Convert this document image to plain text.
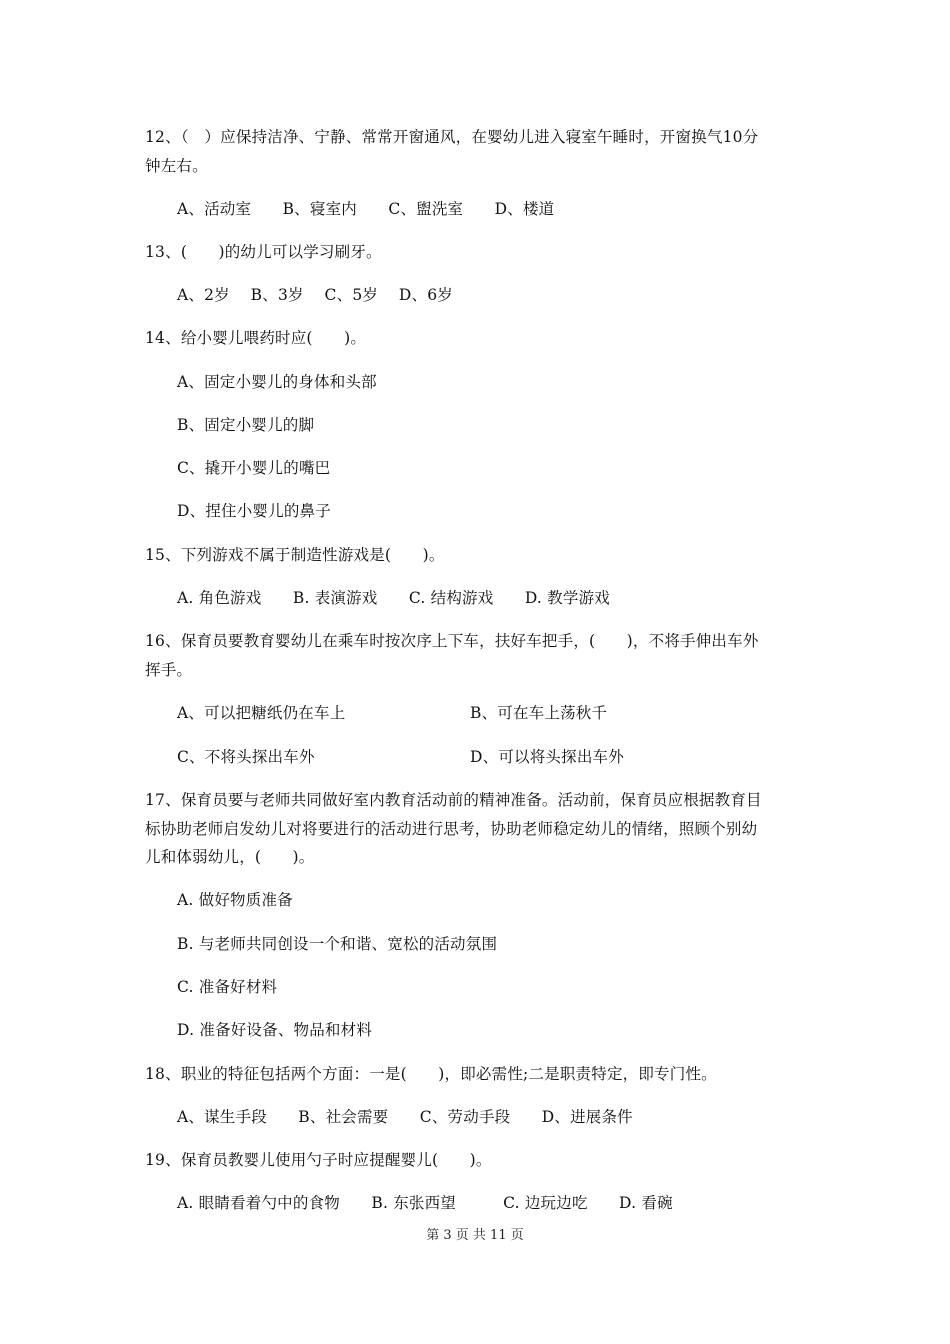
12、（　）应保持洁净、宁静、常常开窗通风，在婴幼儿进入寝室午睡时，开窗换气10分
钟左右。
A、活动室　　B、寝室内　　C、盥洗室　　D、楼道
13、(　　)的幼儿可以学习刷牙。
A、2岁　 B、3岁　 C、5岁　 D、6岁
14、给小婴儿喂药时应(　　)。
A、固定小婴儿的身体和头部
B、固定小婴儿的脚
C、撬开小婴儿的嘴巴
D、捏住小婴儿的鼻子
15、下列游戏不属于制造性游戏是(　　)。
A. 角色游戏　　B. 表演游戏　　C. 结构游戏　　D. 教学游戏
16、保育员要教育婴幼儿在乘车时按次序上下车，扶好车把手，(　　)，不将手伸出车外
挥手。
A、可以把糖纸仍在车上	B、可在车上荡秋千
C、不将头探出车外	D、可以将头探出车外
17、保育员要与老师共同做好室内教育活动前的精神准备。活动前，保育员应根据教育目
标协助老师启发幼儿对将要进行的活动进行思考，协助老师稳定幼儿的情绪，照顾个别幼
儿和体弱幼儿，(　　)。
A. 做好物质准备
B. 与老师共同创设一个和谐、宽松的活动氛围
C. 准备好材料
D. 准备好设备、物品和材料
18、职业的特征包括两个方面：一是(　　)，即必需性;二是职责特定，即专门性。
A、谋生手段　　B、社会需要　　C、劳动手段　　D、进展条件
19、保育员教婴儿使用勺子时应提醒婴儿(　　)。
A. 眼睛看着勺中的食物　　B. 东张西望　　　C. 边玩边吃　　D. 看碗
第 3 页 共 11 页
